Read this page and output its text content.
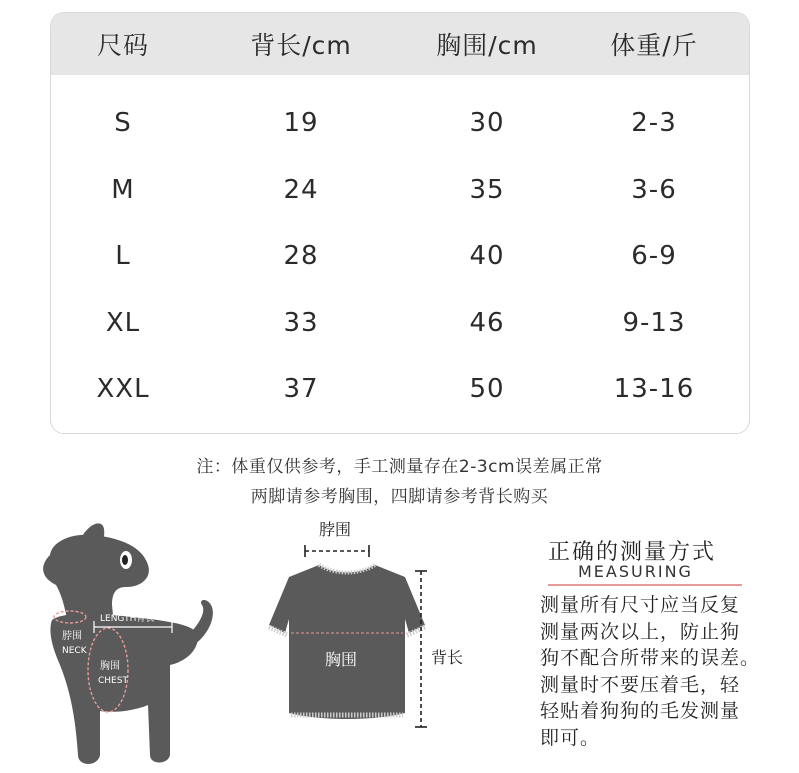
尺码	背长/cm	胸围/cm	体重/斤
S	19	30	2-3
M	24	35	3-6
L	28	40	6-9
XL	33	46	9-13
XXL	37	50	13-16
注：体重仅供参考，手工测量存在2-3cm误差属正常
两脚请参考胸围，四脚请参考背长购买
LENGTH背长
脖围
NECK
胸围
CHEST
脖围
胸围	背长
正确的测量方式
MEASURING
测量所有尺寸应当反复
测量两次以上，防止狗
狗不配合所带来的误差。
测量时不要压着毛，轻
轻贴着狗狗的毛发测量
即可。
